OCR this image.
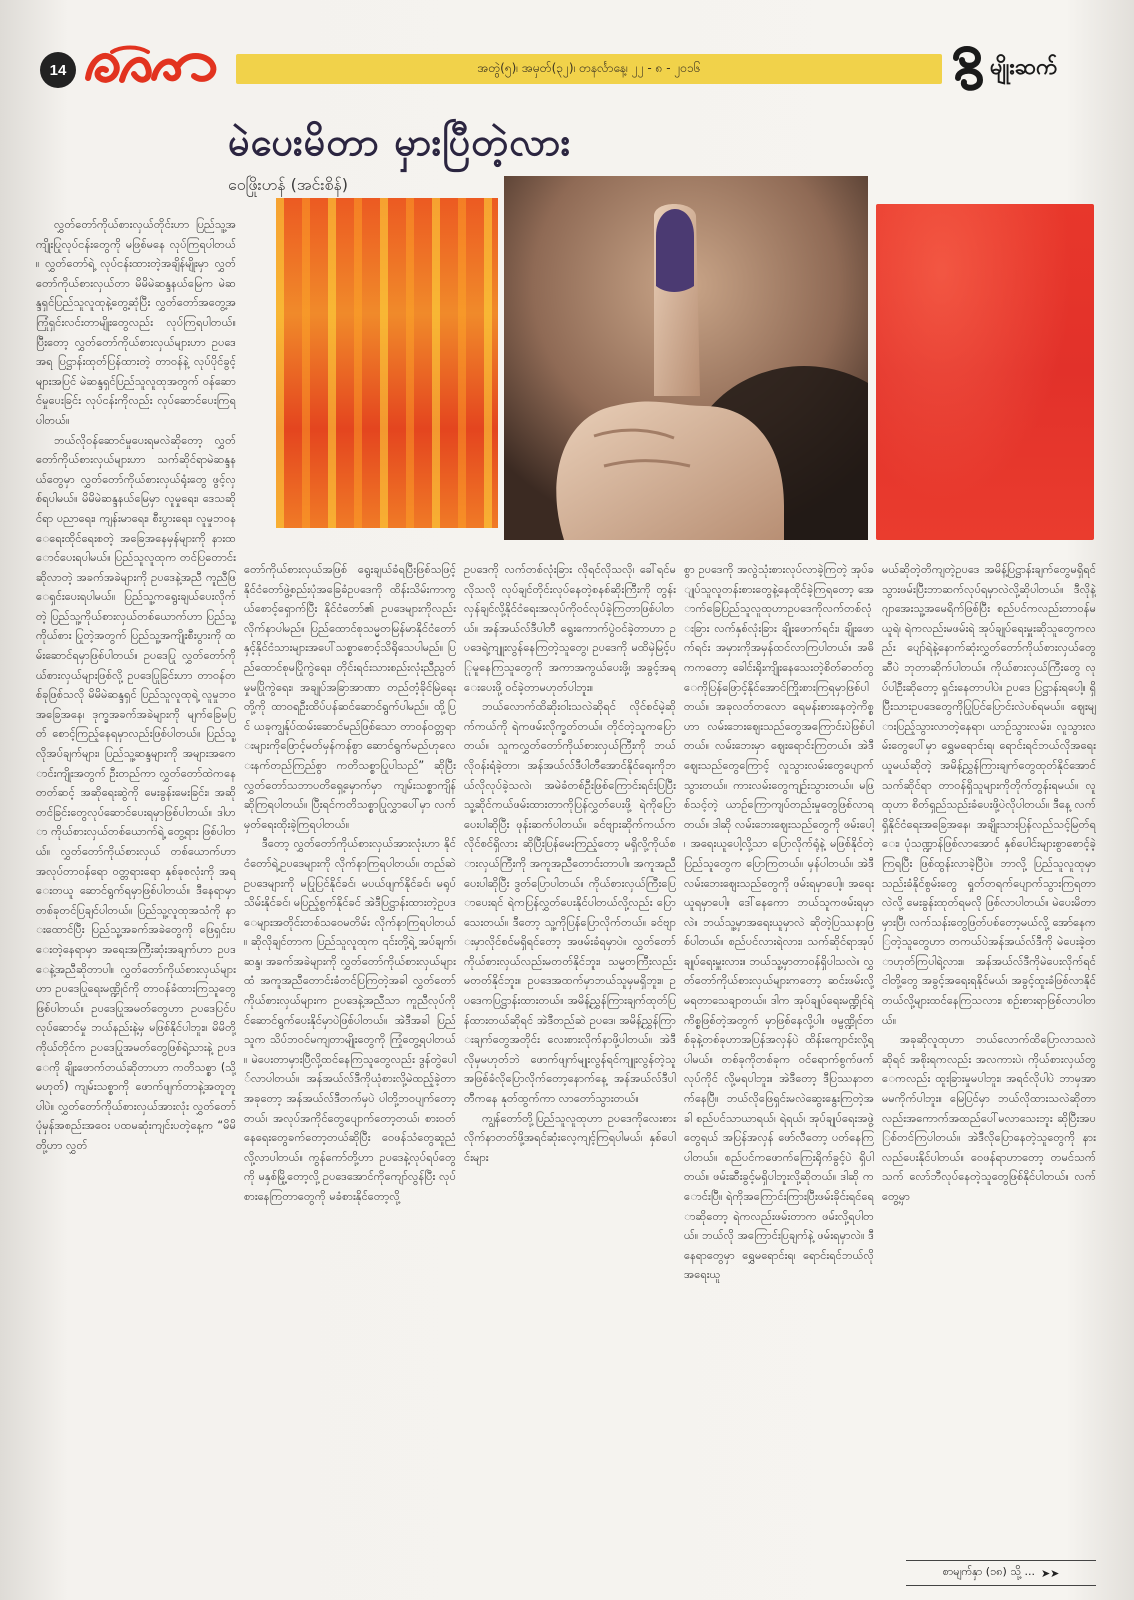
14	အတွဲ(၅)၊ အမှတ်(၃၂)၊ တနင်္လာနေ့၊ ၂၂ - ၈ - ၂၀၁၆	မျိုးဆက်
မဲပေးမိတာ မှားပြီတဲ့လား
ဝေဖြိုးဟန် (အင်းစိန်)

လွှတ်တော်ကိုယ်စားလှယ်တိုင်းဟာ ပြည်သူ့အကျိုးပြုလုပ်ငန်းတွေကို မဖြစ်မနေ လုပ်ကြရပါတယ်။ လွှတ်တော်ရဲ့ လုပ်ငန်းထားတဲ့အချိန်မျိုးမှာ လွှတ်တော်ကိုယ်စားလှယ်တာ မိမိမဲဆန္ဒနယ်မြေက မဲဆန္ဒရှင်ပြည်သူလူထုနဲ့တွေ့ဆုံပြီး လွှတ်တော်အတွေ့အကြုံရှင်းလင်းတာမျိုးတွေလည်း လုပ်ကြရပါတယ်။ ပြီးတော့ လွှတ်တော်ကိုယ်စားလှယ်များဟာ ဥပဒေအရ ပြဋ္ဌာန်းထုတ်ပြန်ထားတဲ့ တာဝန်နဲ့ လုပ်ပိုင်ခွင့်များအပြင် မဲဆန္ဒရှင်ပြည်သူလူထုအတွက် ဝန်ဆောင်မှုပေးခြင်း လုပ်ငန်းကိုလည်း လုပ်ဆောင်ပေးကြရပါတယ်။

ဘယ်လိုဝန်ဆောင်မှုပေးရမလဲဆိုတော့ လွှတ်တော်ကိုယ်စားလှယ်များဟာ သက်ဆိုင်ရာမဲဆန္ဒနယ်တွေမှာ လွှတ်တော်ကိုယ်စားလှယ်ရုံးတွေ ဖွင့်လှစ်ရပါမယ်။ မိမိမဲဆန္ဒနယ်မြေမှာ လူမှုရေး၊ ဒေသဆိုင်ရာ ပညာရေး၊ ကျန်းမာရေး၊ စီးပွားရေး၊ လူမှုဘဝနေရေးထိုင်ရေးစတဲ့ အခြေအနေမှန်များကို နားထောင်ပေးရပါမယ်။ ပြည်သူလူထုက တင်ပြတောင်းဆိုလာတဲ့ အခက်အခဲများကို ဥပဒေနဲ့အညီ ကူညီဖြေရှင်းပေးရပါမယ်။ ပြည်သူ့ကရွေးချယ်ပေးလိုက်တဲ့ ပြည်သူ့ကိုယ်စားလှယ်တစ်ယောက်ဟာ ပြည်သူ့ကိုယ်စား ပြုတဲ့အတွက် ပြည်သူ့အကျိုးစီးပွားကို ထမ်းဆောင်ရမှာဖြစ်ပါတယ်။ ဥပဒေပြု လွှတ်တော်ကိုယ်စားလှယ်များဖြစ်လို့ ဥပဒေပြုခြင်းဟာ တာဝန်တစ်ခုဖြစ်သလို မိမိမဲဆန္ဒရှင် ပြည်သူလူထုရဲ့ လူမှုဘဝအခြေအနေ၊ ဒုက္ခအခက်အခဲများကို မျက်ခြေမပြတ် စောင့်ကြည့်နေရမှာလည်းဖြစ်ပါတယ်။ ပြည်သူ့လိုအပ်ချက်များ၊ ပြည်သူ့ဆန္ဒများကို အများအကောင်းကျိုးအတွက် ဦးတည်ကာ လွှတ်တော်ထဲကနေ တတ်ဆင့် အဆိုရေးဆွဲကို မေးခွန်းမေးခြင်း၊ အဆိုတင်ခြင်းတွေလုပ်ဆောင်ပေးရမှာဖြစ်ပါတယ်။ ဒါဟာ ကိုယ်စားလှယ်တစ်ယောက်ရဲ့ တွေ့ရား ဖြစ်ပါတယ်။ လွှတ်တော်ကိုယ်စားလှယ် တစ်ယောက်ဟာ အလုပ်တာဝန်ရော ဝတ္တရားရော နှစ်ခုစလုံးကို အရေးတယူ ဆောင်ရွက်ရမှာဖြစ်ပါတယ်။ ဒီနေရာမှာ တစ်ခုတင်ပြချင်ပါတယ်။ ပြည်သူ့လူထုအသံကို နားထောင်ပြီး ပြည်သူ့အခက်အခဲတွေကို ဖြေရှင်းပေးတဲ့နေရာမှာ အရေးအကြီးဆုံးအချက်ဟာ ဥပဒေနဲ့အညီဆိုတာပါ။ လွှတ်တော်ကိုယ်စားလှယ်များဟာ ဥပဒေပြုရေးမဏ္ဍိုင်ကို တာဝန်ခံထားကြသူတွေဖြစ်ပါတယ်။ ဥပဒေပြုအမတ်တွေဟာ ဥပဒေပြင်ပလုပ်ဆောင်မှု ဘယ်နည်းနဲ့မှ မဖြစ်နိုင်ပါဘူး။ မိမိတို့ကိုယ်တိုင်က ဥပဒေပြုအမတ်တွေဖြစ်ရဲ့သားနဲ့ ဥပဒေကို ချိုးဖောက်တယ်ဆိုတာဟာ ကတိသစ္စာ (သို့မဟုတ်) ကျမ်းသစ္စာကို ဖောက်ဖျက်တာနဲ့အတူတူပါပဲ။ လွှတ်တော်ကိုယ်စားလှယ်အားလုံး လွှတ်တော်ပုံမှန်အစည်းအဝေး ပထမဆုံးကျင်းပတဲ့နေ့က “မိမိတို့ဟာ လွှတ်

တော်ကိုယ်စားလှယ်အဖြစ် ရွေးချယ်ခံရပြီးဖြစ်သဖြင့် နိုင်ငံတော်ဖွဲ့စည်းပုံအခြေခံဥပဒေကို ထိန်းသိမ်းကာကွယ်စောင့်ရှောက်ပြီး နိုင်ငံတော်၏ ဥပဒေများကိုလည်း လိုက်နာပါမည်။ ပြည်ထောင်စုသမ္မတမြန်မာနိုင်ငံတော်နှင့်နိုင်ငံသားများအပေါ်သစ္စာစောင့်သိရိုသေပါမည်။ ပြည်ထောင်စုမပြိုကွဲရေး၊ တိုင်းရင်းသားစည်းလုံးညီညွတ်မှုမပြိုကွဲရေး၊ အချုပ်အခြာအာဏာ တည်တံ့ခိုင်မြဲရေးတို့ကို ထာဝရဦးထိပ်ပန်ဆင်ဆောင်ရွက်ပါမည်။ ထို့ပြင် ယခုကျွန်ုပ်ထမ်းဆောင်မည်ဖြစ်သော တာဝန်ဝတ္တရားများကိုဖြောင့်မတ်မှန်ကန်စွာ ဆောင်ရွက်မည်ဟုလေးနက်တည်ကြည်စွာ ကတိသစ္စာပြုပါသည်” ဆိုပြီး လွှတ်တော်သဘာပတိရှေ့မှောက်မှာ ကျမ်းသစ္စာကျိန်ဆိုကြရပါတယ်။ ပြီးရင်ကတိသစ္စာပြုလွှာပေါ်မှာ လက်မှတ်ရေးထိုးခဲ့ကြရပါတယ်။

ဒီတော့ လွှတ်တော်ကိုယ်စားလှယ်အားလုံးဟာ နိုင်ငံတော်ရဲ့ဥပဒေများကို လိုက်နာကြရပါတယ်။ တည်ဆဲဥပဒေများကို မပြုပြင်နိုင်ခင်၊ မပယ်ဖျက်နိုင်ခင်၊ မရုပ်သိမ်းနိုင်ခင်၊ မပြည့်စွက်နိုင်ခင် အဲဒီပြဋ္ဌာန်းထားတဲ့ဥပဒေများအတိုင်းတစ်သဝေမတိမ်း လိုက်နာကြရပါတယ်။ ဆိုလိုချင်တာက ပြည်သူလူထုက ၎င်းတို့ရဲ့ အပ်ချက်၊ ဆန္ဒ၊ အခက်အခဲများကို လွှတ်တော်ကိုယ်စားလှယ်များထံ အကူအညီတောင်းခံတင်ပြကြတဲ့အခါ လွှတ်တော်ကိုယ်စားလှယ်များက ဥပဒေနဲ့အညီသာ ကူညီလုပ်ကိုင်ဆောင်ရွက်ပေးနိုင်မှာပဲဖြစ်ပါတယ်။ အဲဒီအခါ ပြည်သူက သိပ်ဘဝင်မကျတာမျိုးတွေကို ကြုံတွေ့ရပါတယ်။ မဲပေးတာမှားပြီလို့ထင်နေကြသူတွေလည်း ဒွန်တွဲပေါ်လာပါတယ်။ အန်အယ်လ်ဒီကိုယုံစားလို့မဲထည့်ခဲ့တာ အခုတော့ အန်အယ်လ်ဒီတက်မှပဲ ပါတို့ဘဝပျက်တော့တယ်၊ အလုပ်အကိုင်တွေပျောက်တော့တယ်၊ စားဝတ်နေရေးတွေခက်တော့တယ်ဆိုပြီး ဝေဖန်သံတွေဆူညံလို့လာပါတယ်။ ကွန်ကော်တို့ဟာ ဥပဒေနဲ့လုပ်ရပ်တွေကို မနှစ်မြို့တော့လို့ ဥပဒေအောင်ကိုကျော်လွန်ပြီး လုပ်စားနေကြတာတွေကို မခံစားနိုင်တော့လို့

ဥပဒေကို လက်တစ်လုံးခြား လိုရင်လိုသလို၊ ခေါ်ရင်မလိုသလို လုပ်ချင်တိုင်းလုပ်နေတဲ့စနစ်ဆိုးကြီးကို တွန်းလှန်ချင်လို့နိုင်ငံရေးအလုပ်ကိုဝင်လုပ်ခဲ့ကြတာဖြစ်ပါတယ်။ အန်အယ်လ်ဒီပါတီ ရွေးကောက်ပွဲဝင်ခဲ့တာဟာ ဥပဒေရဲ့ကျူးလွန်နေကြတဲ့သူတွေ၊ ဥပဒေကို မထိမှဲမြင့်ပြုမူနေကြသူတွေကို အကာအကွယ်ပေးဖို့၊ အခွင့်အရေးပေးဖို့ ဝင်ခဲ့တာမဟုတ်ပါဘူး။

ဘယ်လောက်ထိဆိုးဝါးသလဲဆိုရင် လိုင်စင်မဲ့ဆိုက်ကယ်ကို ရဲကဖမ်းလိုက္ခတ်တယ်။ တိုင်တဲ့သူကပြောတယ်။ သူကလွှတ်တော်ကိုယ်စားလှယ်ကြီးကို ဘယ်လိုဝန်းရံခဲ့တာ၊ အန်အယ်လ်ဒီပါတီအောင်နိုင်ရေးကိုဘယ်လိုလုပ်ခဲ့သလဲ၊ အမဲခံတစ်ဦးဖြစ်ကြောင်းရင်းပြပြီး သူ့ဆိုင်ကယ်ဖမ်းထားတာကိုပြန်လွှတ်ပေးဖို့ ရဲကိုပြောပေးပါဆိုပြီး ဖုန်းဆက်ပါတယ်။ ခင်ဗျားဆိုက်ကယ်က လိုင်စင်ရှိလား ဆိုပြီးပြန်မေးကြည့်တော့ မရှိလို့ကိုယ်စားလှယ်ကြီးကို အကူအညီတောင်းတာပါ။ အကူအညီပေးပါဆိုပြီး ဒွတ်ပြောပါတယ်။ ကိုယ်စားလှယ်ကြီးပြောပေးရင် ရဲကပြန်လွှတ်ပေးနိုင်ပါတယ်လို့လည်း ပြောသေးတယ်။ ဒီတော့ သူ့ကိုပြန်ပြောလိုက်တယ်။ ခင်ဗျားမှာလိုင်စင်မရှိရင်တော့ အဖမ်းခံရမှာပဲ။ လွှတ်တော်ကိုယ်စားလှယ်လည်းမတတ်နိုင်ဘူး၊ သမ္မတကြီးလည်းမတတ်နိုင်ဘူး။ ဥပဒေအထက်မှာဘယ်သူမှမရှိဘူး။ ဥပဒေကပြဋ္ဌာန်းထားတယ်။ အမိန့်ညွှန်ကြားချက်ထုတ်ပြန်ထားတယ်ဆိုရင် အဲဒီတည်ဆဲ ဥပဒေ၊ အမိန့်ညွှန်ကြားချက်တွေအတိုင်း လေးစားလိုက်နာဖို့ပါတယ်။ အဲဒီလိုမှမဟုတ်ဘဲ ဖောက်ဖျက်မျုးလွန်ရင်ကျူးလွန်တဲ့သူအဖြစ်ခံလိုပြောလိုက်တော့နောက်နေ့ အန်အယ်လ်ဒီပါတီကနေ နုတ်ထွက်ကာ လာတော်သွားတယ်။

ကျွန်တော်တို့ပြည်သူလူထုဟာ ဥပဒေကိုလေးစားလိုက်နာတတ်ဖို့အရင်ဆုံးလေ့ကျင့်ကြရပါမယ်၊ နှစ်ပေါင်းများ

စွာ ဥပဒေကို အလွဲသုံးစားလုပ်လာခဲ့ကြတဲ့ အုပ်ချုပ်သူလူတန်းစားတွေနဲ့နေထိုင်ခဲ့ကြရတော့ အောက်ခြေပြည်သူလူထုဟာဥပဒေကိုလက်တစ်လုံးခြား လက်နှစ်လုံးခြား ချိုးဖောက်ရင်း၊ ချိုးဖောက်ရင်း အမှားကိုအမှန်ထင်လာကြပါတယ်။ အဓိကကတော့ ခေါင်းရိုးကျိုးနေသေးတဲ့စိတ်ဓာတ်တွေကိုပြန်ဖြောင့်နိုင်အောင်ကြိုးစားကြရမှာဖြစ်ပါတယ်။ အခုလတ်တလော ရေမန်းစားနေတဲ့ကိစ္စဟာ လမ်းဘေးဈေးသည်တွေအကြောင်းပဲဖြစ်ပါတယ်။ လမ်းဘေးမှာ ဈေးရောင်းကြတယ်။ အဲဒီဈေးသည်တွေကြောင့် လူသွားလမ်းတွေပျောက်သွားတယ်။ ကားလမ်းတွေကျဉ်းသွားတယ်။ မဖြစ်သင့်တဲ့ ယာဉ်ကြောကျပ်တည်းမှုတွေဖြစ်လာရတယ်။ ဒါဆို လမ်းဘေးဈေးသည်တွေကို ဖမ်းပေါ့၊ အရေးယူပေါ့လို့သာ ပြောလိုက်ရုံနဲ့ မဖြစ်နိုင်တဲ့ပြည်သူတွေက ပြောကြတယ်။ မှန်ပါတယ်။ အဲဒီလမ်းဘေးဈေးသည်တွေကို ဖမ်းရမှာပေါ့။ အရေးယူရမှာပေါ့။ ဒေါ်နေကော ဘယ်သူကဖမ်းရမှာလဲ။ ဘယ်သူ့မှာအရေးယူမှာလဲ ဆိုတဲ့ပြဿနာဖြစ်ပါတယ်။ စည်ပင်လားရဲလား၊ သက်ဆိုင်ရာအုပ်ချုပ်ရေးမှူးလား။ ဘယ်သူ့မှာတာဝန်ရှိပါသလဲ။ လွှတ်တော်ကိုယ်စားလှယ်များကတော့ ဆင်းဖမ်းလို့မရတာသေချာတယ်။ ဒါက အုပ်ချုပ်ရေးမဏ္ဍိုင်ရဲ့ကိစ္စဖြစ်တဲ့အတွက် မှာဖြစ်နေလို့ပါ။ ဖမ္ဗဏ္ဍိုင်တစ်ခုနဲ့တစ်ခုဟာအပြန်အလှန်ပဲ ထိန်းကျောင်းလို့ရပါမယ်။ တစ်ခုကိုတစ်ခုက ဝင်ရောက်စွက်ဖက်လုပ်ကိုင် လို့မရပါဘူး။ အဲဒီတော့ ဒီပြဿနာတက်နေပြီ။ ဘယ်လိုဖြေရှင်းမလဲဆွေးနွေးကြတဲ့အခါ စည်ပင်သာယာရယ်၊ ရဲရယ်၊ အုပ်ချုပ်ရေးအဖွဲ့တွေရယ် အပြန်အလှန် ဖော်လီတော့ ပတ်နေကြပါတယ်။ စည်ပင်ကဖောက်ကြေးရိုက်ခွင့်ပဲ ရှိပါတယ်။ ဖမ်းဆီးခွင့်မရှိပါဘူးလို့ဆိုတယ်။ ဒါဆို ကောင်းပြီ။ ရဲကိုအကြောင်းကြားပြီးဖမ်းခိုင်းရင်ရောဆိုတော့ ရဲကလည်းဖမ်းတာက ဖမ်းလို့ရပါတယ်။ ဘယ်လို အကြောင်းပြချက်နဲ့ ဖမ်းရမှာလဲ။ ဒီနေရာတွေမှာ ရွှေမရောင်းရ၊ ရောင်းရင်ဘယ်လိုအရေးယူ

မယ်ဆိုတဲ့တိကျတဲ့ဥပဒေ အမိန့်ပြဋ္ဌာန်းချက်တွေမရှိရင် သွားဖမ်းပြီးဘာဆက်လုပ်ရမှာလဲလို့ဆိုပါတယ်။ ဒီလိုနဲ့ ဂျာအေးသူ့အမေရိက်ဖြစ်ပြီး စည်ပင်ကလည်းတာဝန်မယူရဲ၊ ရဲကလည်းမဖမ်းရဲ အုပ်ချုပ်ရေးမှူးဆိုသူတွေကလည်း ပျော်ရဲနဲ့နောက်ဆုံးလွှတ်တော်ကိုယ်စားလှယ်တွေဆီပဲ ဘုတာဆိုက်ပါတယ်။ ကိုယ်စားလှယ်ကြီးတွေ လုပ်ပါဦးဆိုတော့ ရှင်းနေတာပါပဲ။ ဥပဒေ ပြဋ္ဌာန်းရပေါ့။ ရှိပြီးသားဥပဒေတွေကိုပြုပြင်ပြောင်းလဲပစ်ရမယ်။ ဈေးများပြည့်သွားလာတဲ့နေရာ၊ ယာဉ်သွားလမ်း၊ လူသွားလမ်းတွေပေါ်မှာ ရွှေမရောင်းရ၊ ရောင်းရင်ဘယ်လိုအရေးယူမယ်ဆိုတဲ့ အမိန့်ညွှန်ကြားချက်တွေထုတ်နိုင်အောင် သက်ဆိုင်ရာ တာဝန်ရှိသူများကိုတိုက်တွန်းရမယ်။ လူထုဟာ စိတ်ရှည်သည်းခံပေးဖို့ပဲလိုပါတယ်။ ဒီနေ့ လက်ရှိနိုင်ငံရေးအခြေအနေ၊ အချိုးသားပြန်လည်သင့်မြတ်ရေး၊ ပုံသဏ္ဍာန်ဖြစ်လာအောင် နှစ်ပေါင်းများစွာစောင့်ခဲ့ကြရပြီး ဖြစ်ထွန်းလာခဲ့ပြီပဲ။ ဘာလို့ ပြည်သူလူထုမှာ သည်းခံနိုင်စွမ်းတွေ ရှုတ်တရက်ပျောက်သွားကြရတာလဲလို့ မေးခွန်းထုတ်ရမလို ဖြစ်လာပါတယ်။ မဲပေးမိတာမှားပြီ၊ လက်သန်းတွေဖြတ်ပစ်တော့မယ်လို့ အော်နေကြတဲ့သူတွေဟာ တကယ်ပဲအန်အယ်လ်ဒီကို မဲပေးခဲ့တာဟုတ်ကြပါရဲ့လား။ အန်အယ်လ်ဒီကိုမဲပေးလိုက်ရင် ငါတို့တွေ အခွင့်အရေးရနိုင်မယ်၊ အခွင့်ထူးခံဖြစ်လာနိုင်တယ်လို့များထင်နေကြသလား၊ စဉ်းစားရာဖြစ်လာပါတယ်။

အခုဆိုလူထုဟာ ဘယ်လောက်ထိပြောလာသလဲဆိုရင် အစိုးရကလည်း အလကားပဲ၊ ကိုယ်စားလှယ်တွေကလည်း ထူးခြားမှုမပါဘူး၊ အရင်လိုပါပဲ ဘာမှအာမမကိုက်ပါဘူး။ မြေပြင်မှာ ဘယ်လိုထားသလဲဆိုတာလည်းအကောက်အထည်ပေါ်မလာသေးဘူး ဆိုပြီးအပြစ်တင်ကြပါတယ်။ အဲဒီလိုပြောနေတဲ့သူတွေကို နားလည်ပေးနိုင်ပါတယ်။ ဝေဖန်ရာဟာတော့ တမင်သက်သက် လော်ဘီလုပ်နေတဲ့သူတွေဖြစ်နိုင်ပါတယ်။ လက်တွေ့မှာ

စာမျက်နှာ (၁၈) သို့ ... ➤➤
